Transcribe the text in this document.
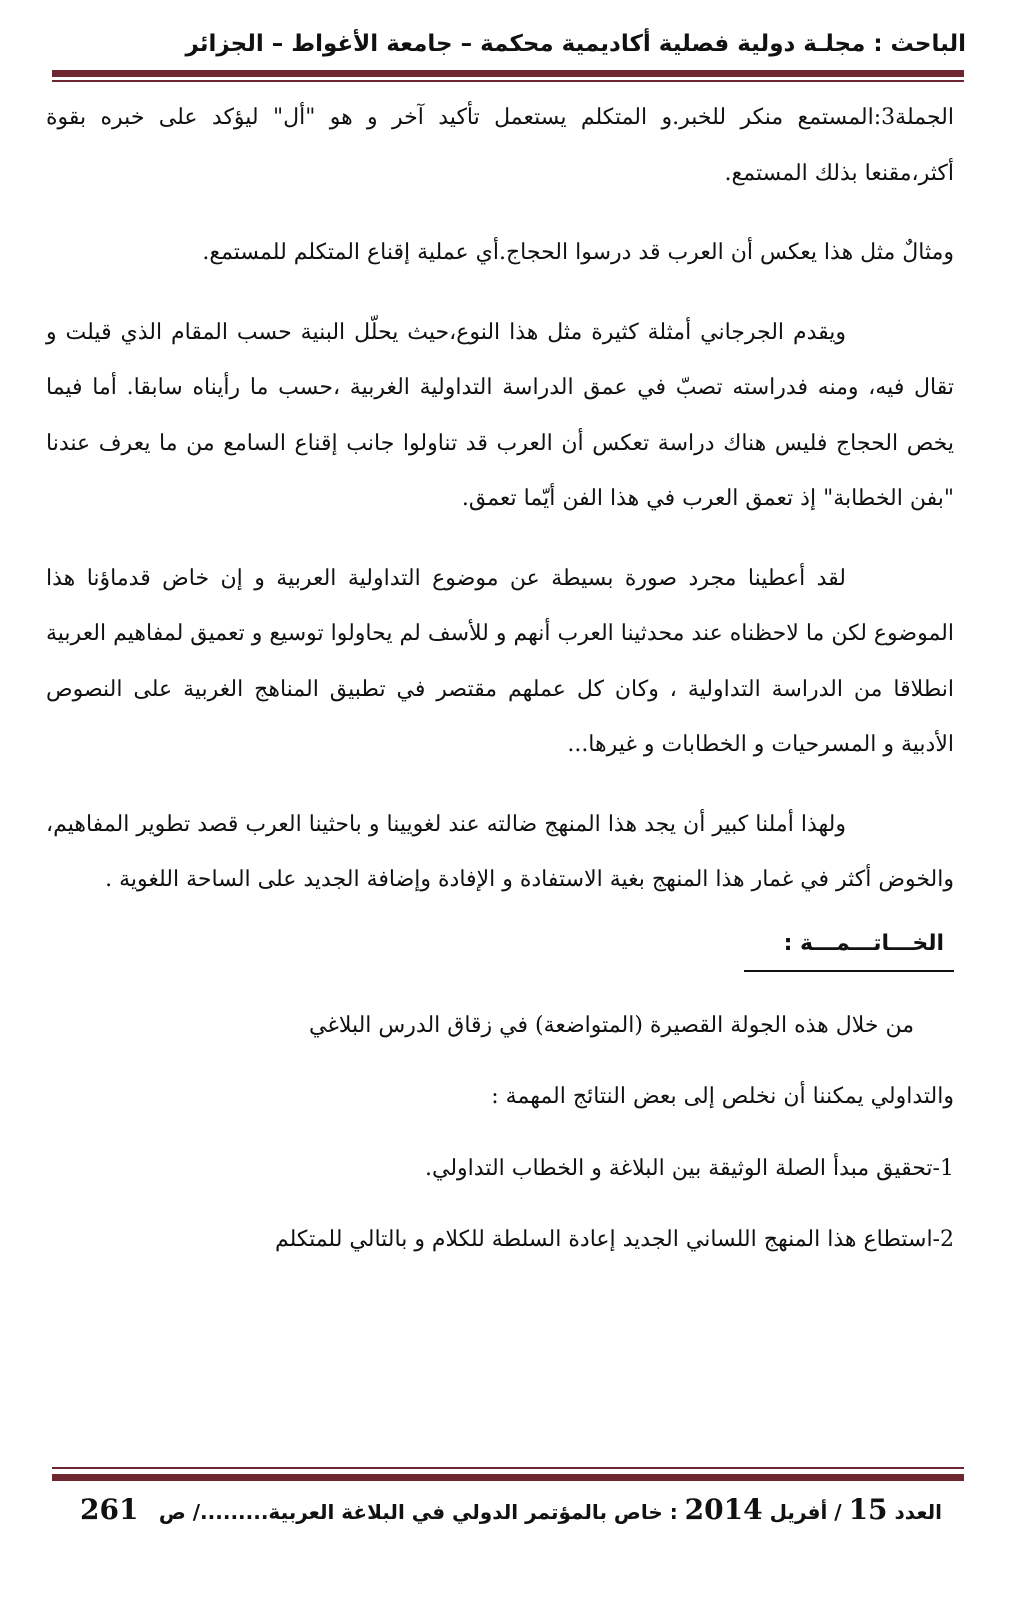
الباحث : مجلـة دولية فصلية أكاديمية محكمة – جامعة الأغواط – الجزائر

الجملة3:المستمع منكر للخبر.و المتكلم يستعمل تأكيد آخر و هو "أل" ليؤكد على خبره بقوة أكثر،مقنعا بذلك المستمع.

ومثالٌ مثل هذا يعكس أن العرب قد درسوا الحجاج.أي عملية إقناع المتكلم للمستمع.

ويقدم الجرجاني أمثلة كثيرة مثل هذا النوع،حيث يحلّل البنية حسب المقام الذي قيلت و تقال فيه، ومنه فدراسته تصبّ في عمق الدراسة التداولية الغربية ،حسب ما رأيناه سابقا. أما فيما يخص الحجاج فليس هناك دراسة تعكس أن العرب قد تناولوا جانب إقناع السامع من ما يعرف عندنا "بفن الخطابة" إذ تعمق العرب في هذا الفن أيّما تعمق.

لقد أعطينا مجرد صورة بسيطة عن موضوع التداولية العربية و إن خاض قدماؤنا هذا الموضوع لكن ما لاحظناه عند محدثينا العرب أنهم و للأسف لم يحاولوا توسيع و تعميق لمفاهيم العربية انطلاقا من الدراسة التداولية ، وكان كل عملهم مقتصر في تطبيق المناهج الغربية على النصوص الأدبية و المسرحيات و الخطابات و غيرها...

ولهذا أملنا كبير أن يجد هذا المنهج ضالته عند لغويينا و باحثينا العرب قصد تطوير المفاهيم، والخوض أكثر في غمار هذا المنهج بغية الاستفادة و الإفادة وإضافة الجديد على الساحة اللغوية .

الخـــاتـــمـــة :

من خلال هذه الجولة القصيرة (المتواضعة) في زقاق الدرس البلاغي

والتداولي يمكننا أن نخلص إلى بعض النتائج المهمة :

1-تحقيق مبدأ الصلة الوثيقة بين البلاغة و الخطاب التداولي.

2-استطاع هذا المنهج اللساني الجديد إعادة السلطة للكلام و بالتالي للمتكلم

العدد 15 / أفريل 2014 : خاص بالمؤتمر الدولي في البلاغة العربية........./ ص
261
